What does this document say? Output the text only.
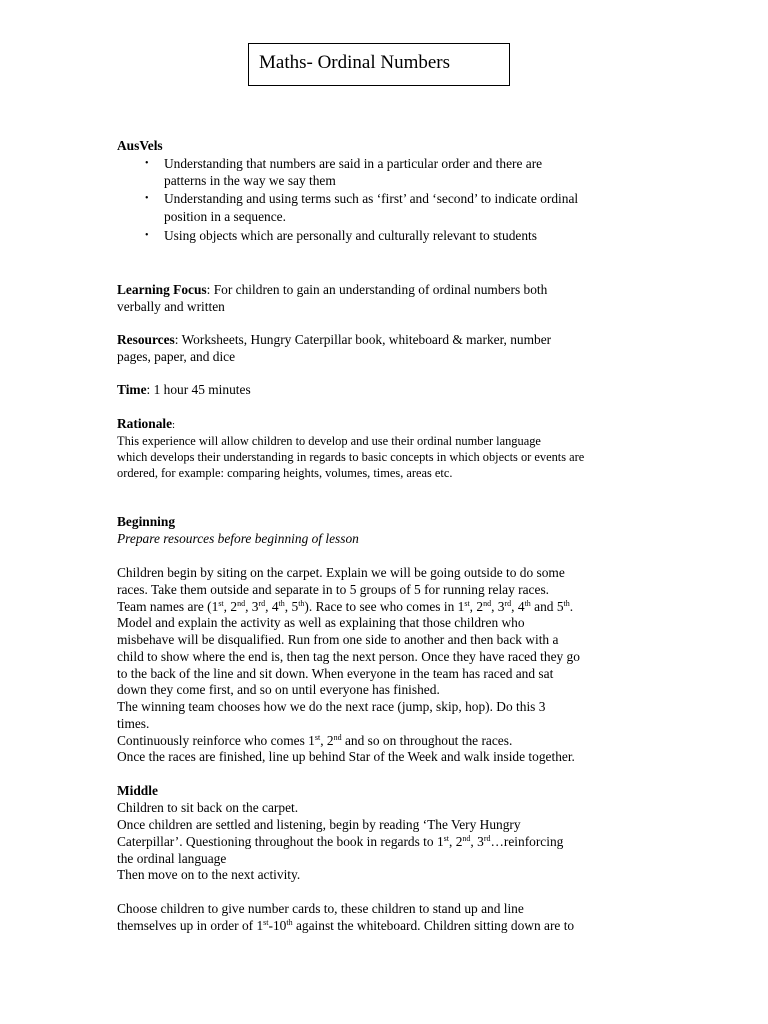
Maths- Ordinal Numbers
AusVels
• Understanding that numbers are said in a particular order and there are
patterns in the way we say them
• Understanding and using terms such as ‘first’ and ‘second’ to indicate ordinal
position in a sequence.
• Using objects which are personally and culturally relevant to students
Learning Focus: For children to gain an understanding of ordinal numbers both
verbally and written
Resources: Worksheets, Hungry Caterpillar book, whiteboard & marker, number
pages, paper, and dice
Time: 1 hour 45 minutes
Rationale:
This experience will allow children to develop and use their ordinal number language
which develops their understanding in regards to basic concepts in which objects or events are
ordered, for example: comparing heights, volumes, times, areas etc.
Beginning
Prepare resources before beginning of lesson
Children begin by siting on the carpet. Explain we will be going outside to do some
races. Take them outside and separate in to 5 groups of 5 for running relay races.
Team names are (1st, 2nd, 3rd, 4th, 5th). Race to see who comes in 1st, 2nd, 3rd, 4th and 5th.
Model and explain the activity as well as explaining that those children who
misbehave will be disqualified. Run from one side to another and then back with a
child to show where the end is, then tag the next person. Once they have raced they go
to the back of the line and sit down. When everyone in the team has raced and sat
down they come first, and so on until everyone has finished.
The winning team chooses how we do the next race (jump, skip, hop). Do this 3
times.
Continuously reinforce who comes 1st, 2nd and so on throughout the races.
Once the races are finished, line up behind Star of the Week and walk inside together.
Middle
Children to sit back on the carpet.
Once children are settled and listening, begin by reading ‘The Very Hungry
Caterpillar’. Questioning throughout the book in regards to 1st, 2nd, 3rd…reinforcing
the ordinal language
Then move on to the next activity.
Choose children to give number cards to, these children to stand up and line
themselves up in order of 1st-10th against the whiteboard. Children sitting down are to
